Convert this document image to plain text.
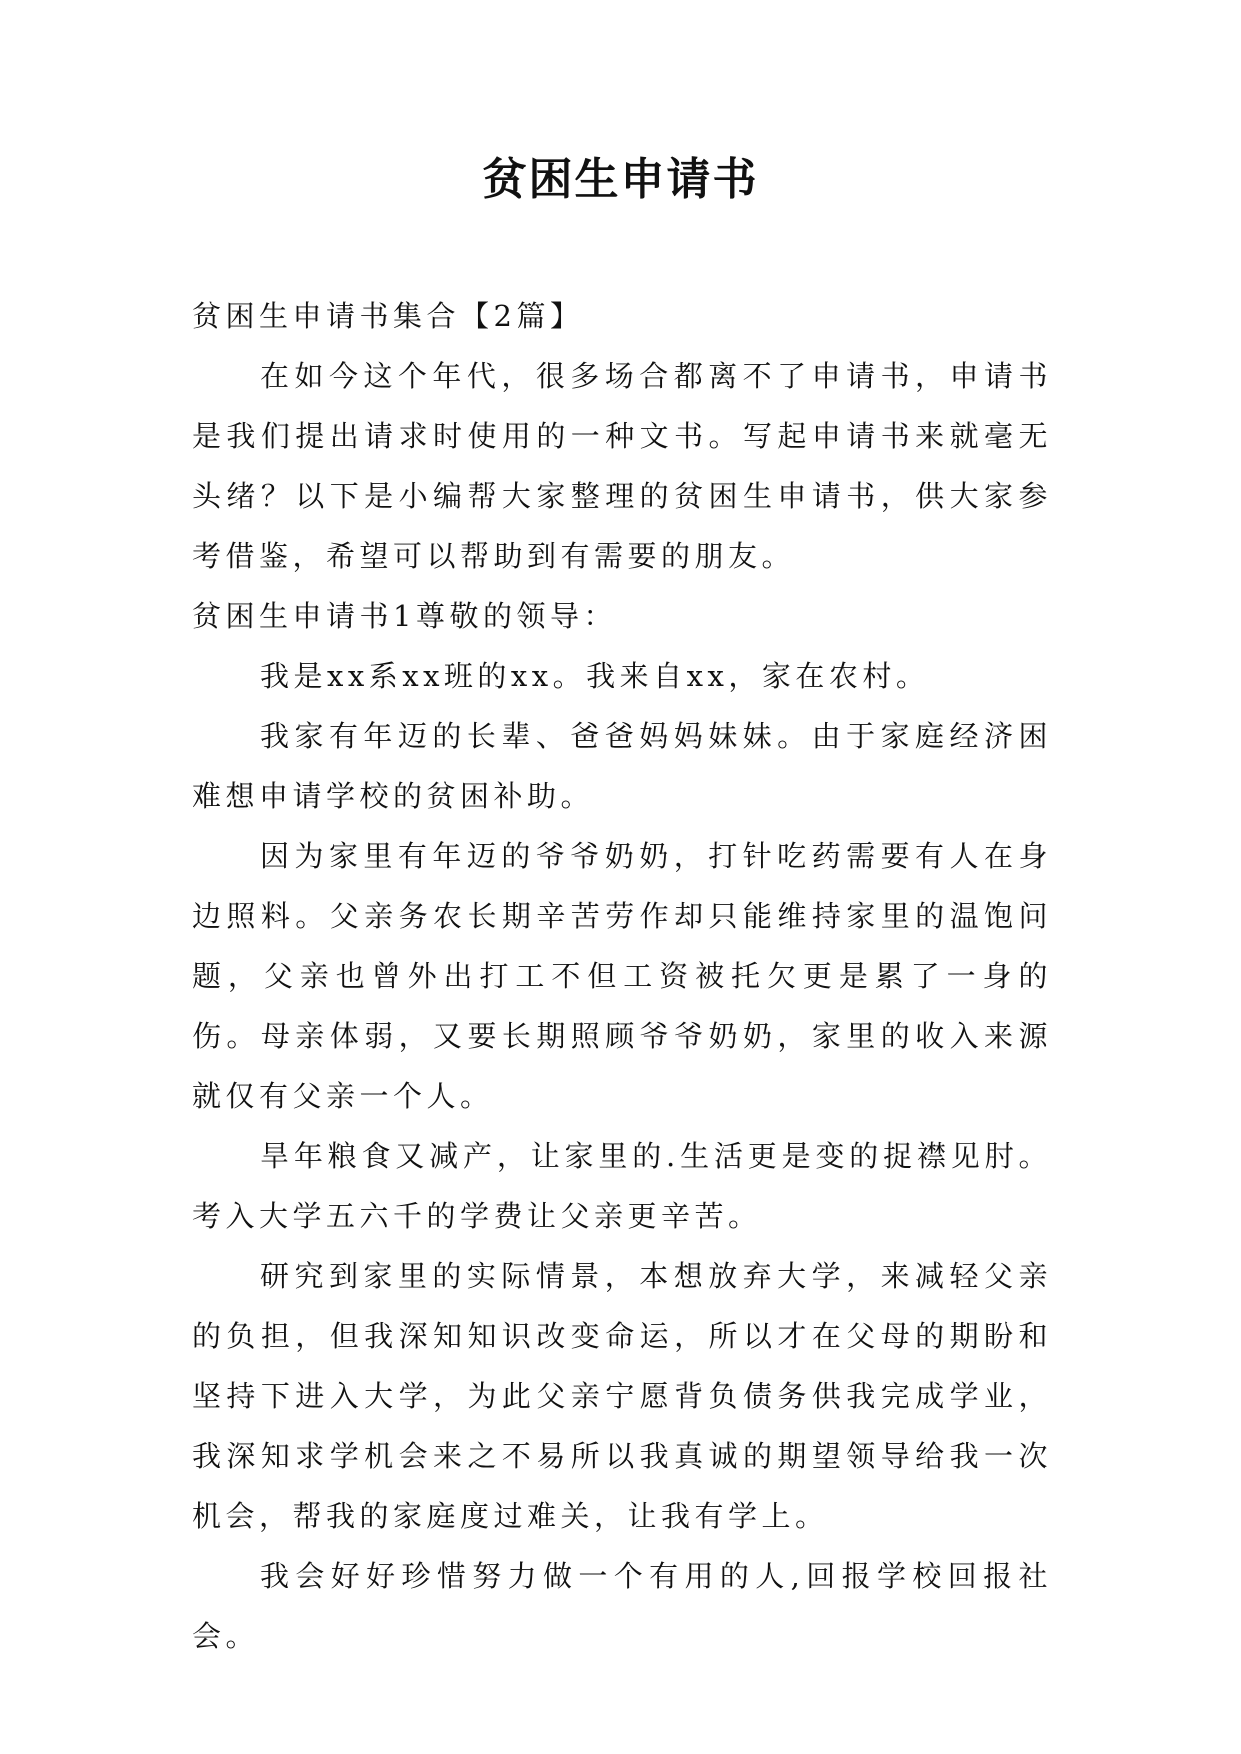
贫困生申请书

贫困生申请书集合【2篇】

在如今这个年代，很多场合都离不了申请书，申请书是我们提出请求时使用的一种文书。写起申请书来就毫无头绪？以下是小编帮大家整理的贫困生申请书，供大家参考借鉴，希望可以帮助到有需要的朋友。

贫困生申请书1尊敬的领导：

我是xx系xx班的xx。我来自xx，家在农村。

我家有年迈的长辈、爸爸妈妈妹妹。由于家庭经济困难想申请学校的贫困补助。

因为家里有年迈的爷爷奶奶，打针吃药需要有人在身边照料。父亲务农长期辛苦劳作却只能维持家里的温饱问题，父亲也曾外出打工不但工资被托欠更是累了一身的伤。母亲体弱，又要长期照顾爷爷奶奶，家里的收入来源就仅有父亲一个人。

旱年粮食又减产，让家里的.生活更是变的捉襟见肘。考入大学五六千的学费让父亲更辛苦。

研究到家里的实际情景，本想放弃大学，来减轻父亲的负担，但我深知知识改变命运，所以才在父母的期盼和坚持下进入大学，为此父亲宁愿背负债务供我完成学业，我深知求学机会来之不易所以我真诚的期望领导给我一次机会，帮我的家庭度过难关，让我有学上。

我会好好珍惜努力做一个有用的人,回报学校回报社会。
